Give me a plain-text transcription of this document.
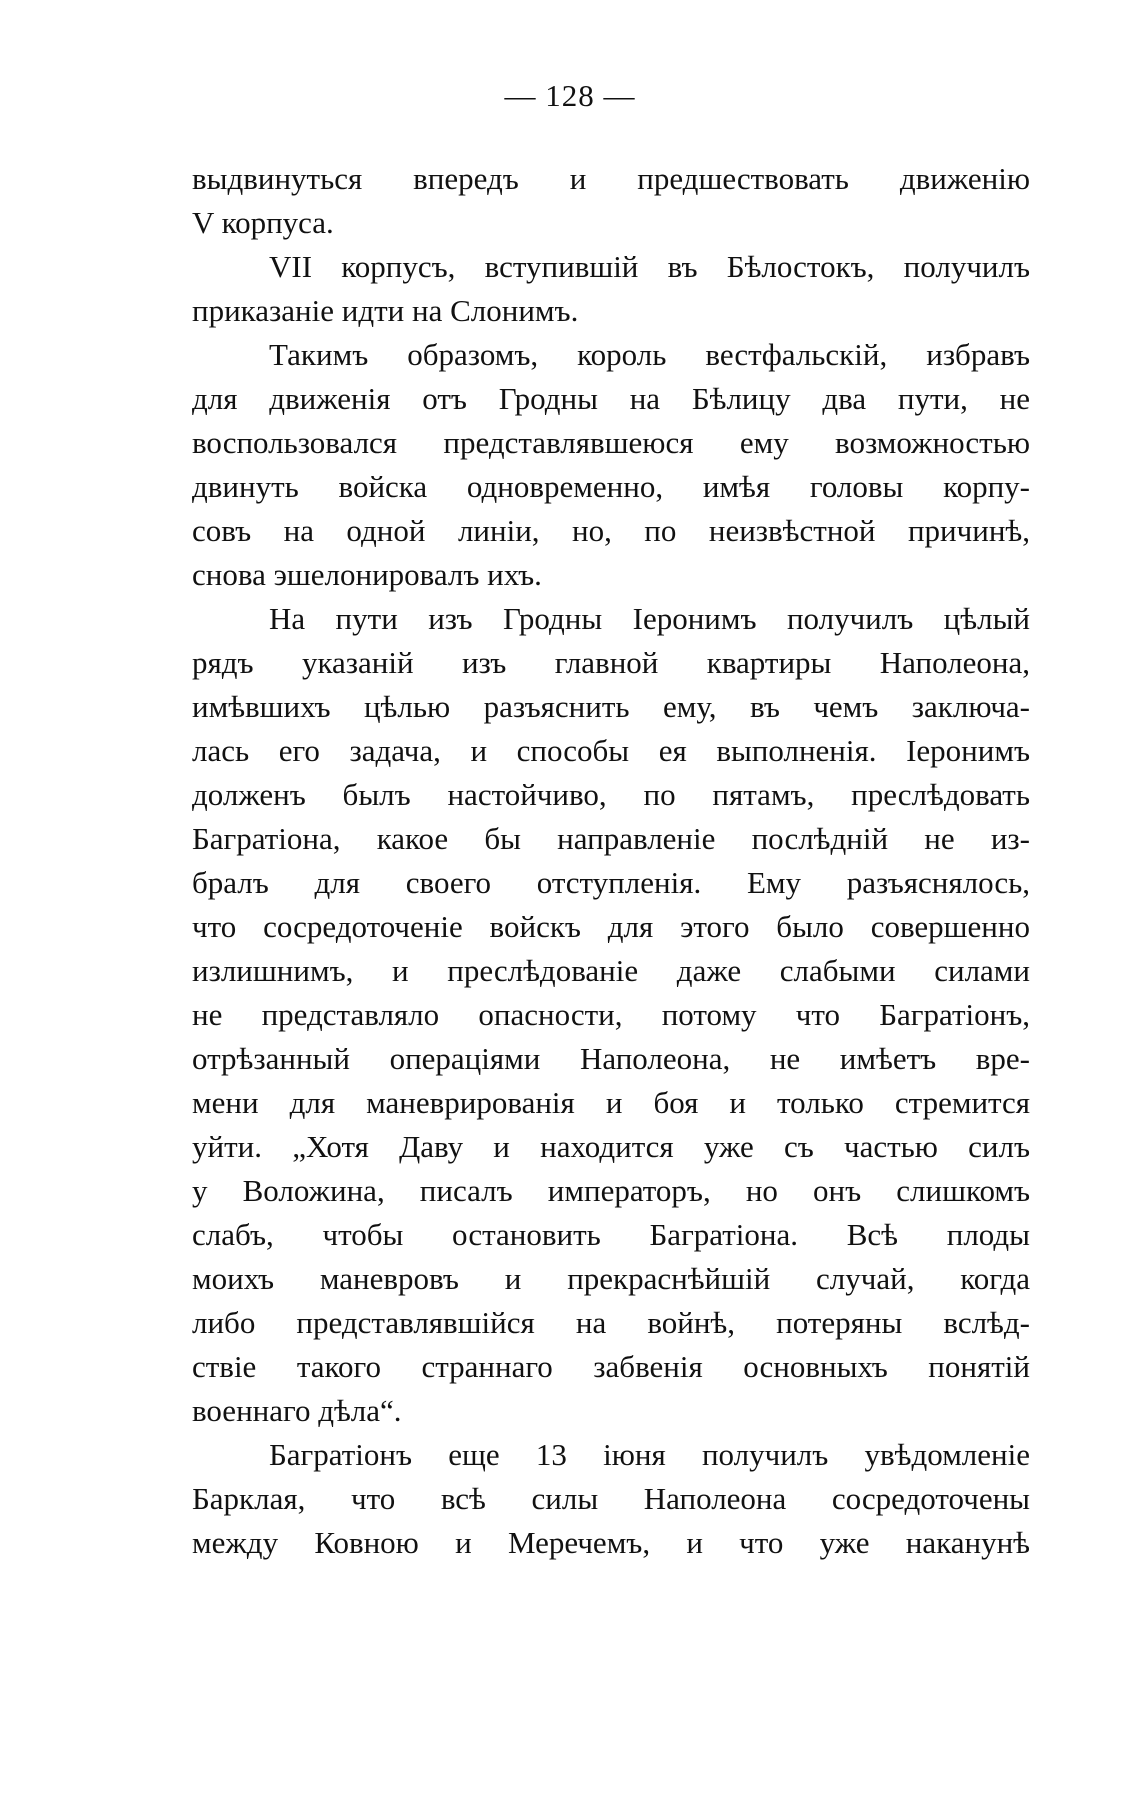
— 128 —
выдвинуться впередъ и предшествовать движенію
V корпуса.
VII корпусъ, вступившій въ Бѣлостокъ, получилъ
приказаніе идти на Слонимъ.
Такимъ образомъ, король вестфальскій, избравъ
для движенія отъ Гродны на Бѣлицу два пути, не
воспользовался представлявшеюся ему возможностью
двинуть войска одновременно, имѣя головы корпу-
совъ на одной линіи, но, по неизвѣстной причинѣ,
снова эшелонировалъ ихъ.
На пути изъ Гродны Іеронимъ получилъ цѣлый
рядъ указаній изъ главной квартиры Наполеона,
имѣвшихъ цѣлью разъяснить ему, въ чемъ заключа-
лась его задача, и способы ея выполненія. Іеронимъ
долженъ былъ настойчиво, по пятамъ, преслѣдовать
Багратіона, какое бы направленіе послѣдній не из-
бралъ для своего отступленія. Ему разъяснялось,
что сосредоточеніе войскъ для этого было совершенно
излишнимъ, и преслѣдованіе даже слабыми силами
не представляло опасности, потому что Багратіонъ,
отрѣзанный операціями Наполеона, не имѣетъ вре-
мени для маневрированія и боя и только стремится
уйти. „Хотя Даву и находится уже съ частью силъ
у Воложина, писалъ императоръ, но онъ слишкомъ
слабъ, чтобы остановить Багратіона. Всѣ плоды
моихъ маневровъ и прекраснѣйшій случай, когда
либо представлявшійся на войнѣ, потеряны вслѣд-
ствіе такого страннаго забвенія основныхъ понятій
военнаго дѣла“.
Багратіонъ еще 13 іюня получилъ увѣдомленіе
Барклая, что всѣ силы Наполеона сосредоточены
между Ковною и Меречемъ, и что уже наканунѣ
